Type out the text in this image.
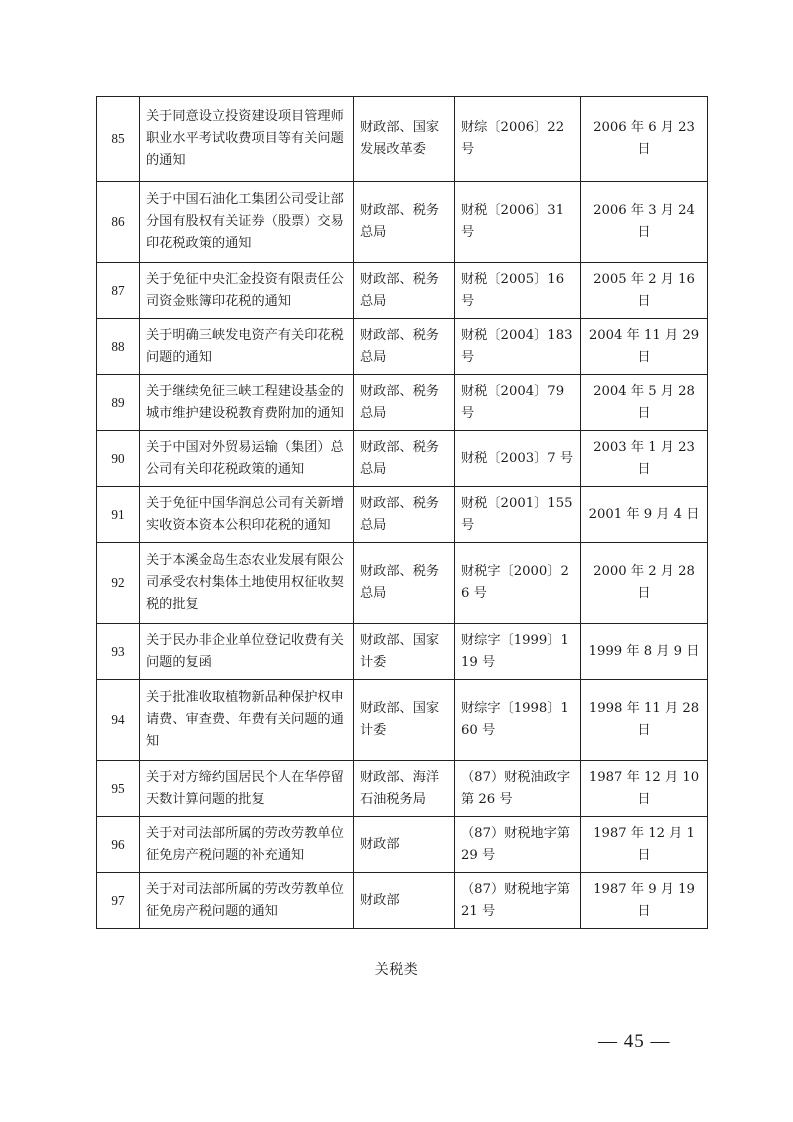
85	关于同意设立投资建设项目管理师职业水平考试收费项目等有关问题的通知	财政部、国家发展改革委	财综〔2006〕22 号	2006 年 6 月 23 日
86	关于中国石油化工集团公司受让部分国有股权有关证券（股票）交易印花税政策的通知	财政部、税务总局	财税〔2006〕31 号	2006 年 3 月 24 日
87	关于免征中央汇金投资有限责任公司资金账簿印花税的通知	财政部、税务总局	财税〔2005〕16 号	2005 年 2 月 16 日
88	关于明确三峡发电资产有关印花税问题的通知	财政部、税务总局	财税〔2004〕183 号	2004 年 11 月 29 日
89	关于继续免征三峡工程建设基金的城市维护建设税教育费附加的通知	财政部、税务总局	财税〔2004〕79 号	2004 年 5 月 28 日
90	关于中国对外贸易运输（集团）总公司有关印花税政策的通知	财政部、税务总局	财税〔2003〕7 号	2003 年 1 月 23 日
91	关于免征中国华润总公司有关新增实收资本资本公积印花税的通知	财政部、税务总局	财税〔2001〕155 号	2001 年 9 月 4 日
92	关于本溪金岛生态农业发展有限公司承受农村集体土地使用权征收契税的批复	财政部、税务总局	财税字〔2000〕26 号	2000 年 2 月 28 日
93	关于民办非企业单位登记收费有关问题的复函	财政部、国家计委	财综字〔1999〕119 号	1999 年 8 月 9 日
94	关于批准收取植物新品种保护权申请费、审查费、年费有关问题的通知	财政部、国家计委	财综字〔1998〕160 号	1998 年 11 月 28 日
95	关于对方缔约国居民个人在华停留天数计算问题的批复	财政部、海洋石油税务局	（87）财税油政字第 26 号	1987 年 12 月 10 日
96	关于对司法部所属的劳改劳教单位征免房产税问题的补充通知	财政部	（87）财税地字第 29 号	1987 年 12 月 1 日
97	关于对司法部所属的劳改劳教单位征免房产税问题的通知	财政部	（87）财税地字第 21 号	1987 年 9 月 19 日
关税类
— 45 —
